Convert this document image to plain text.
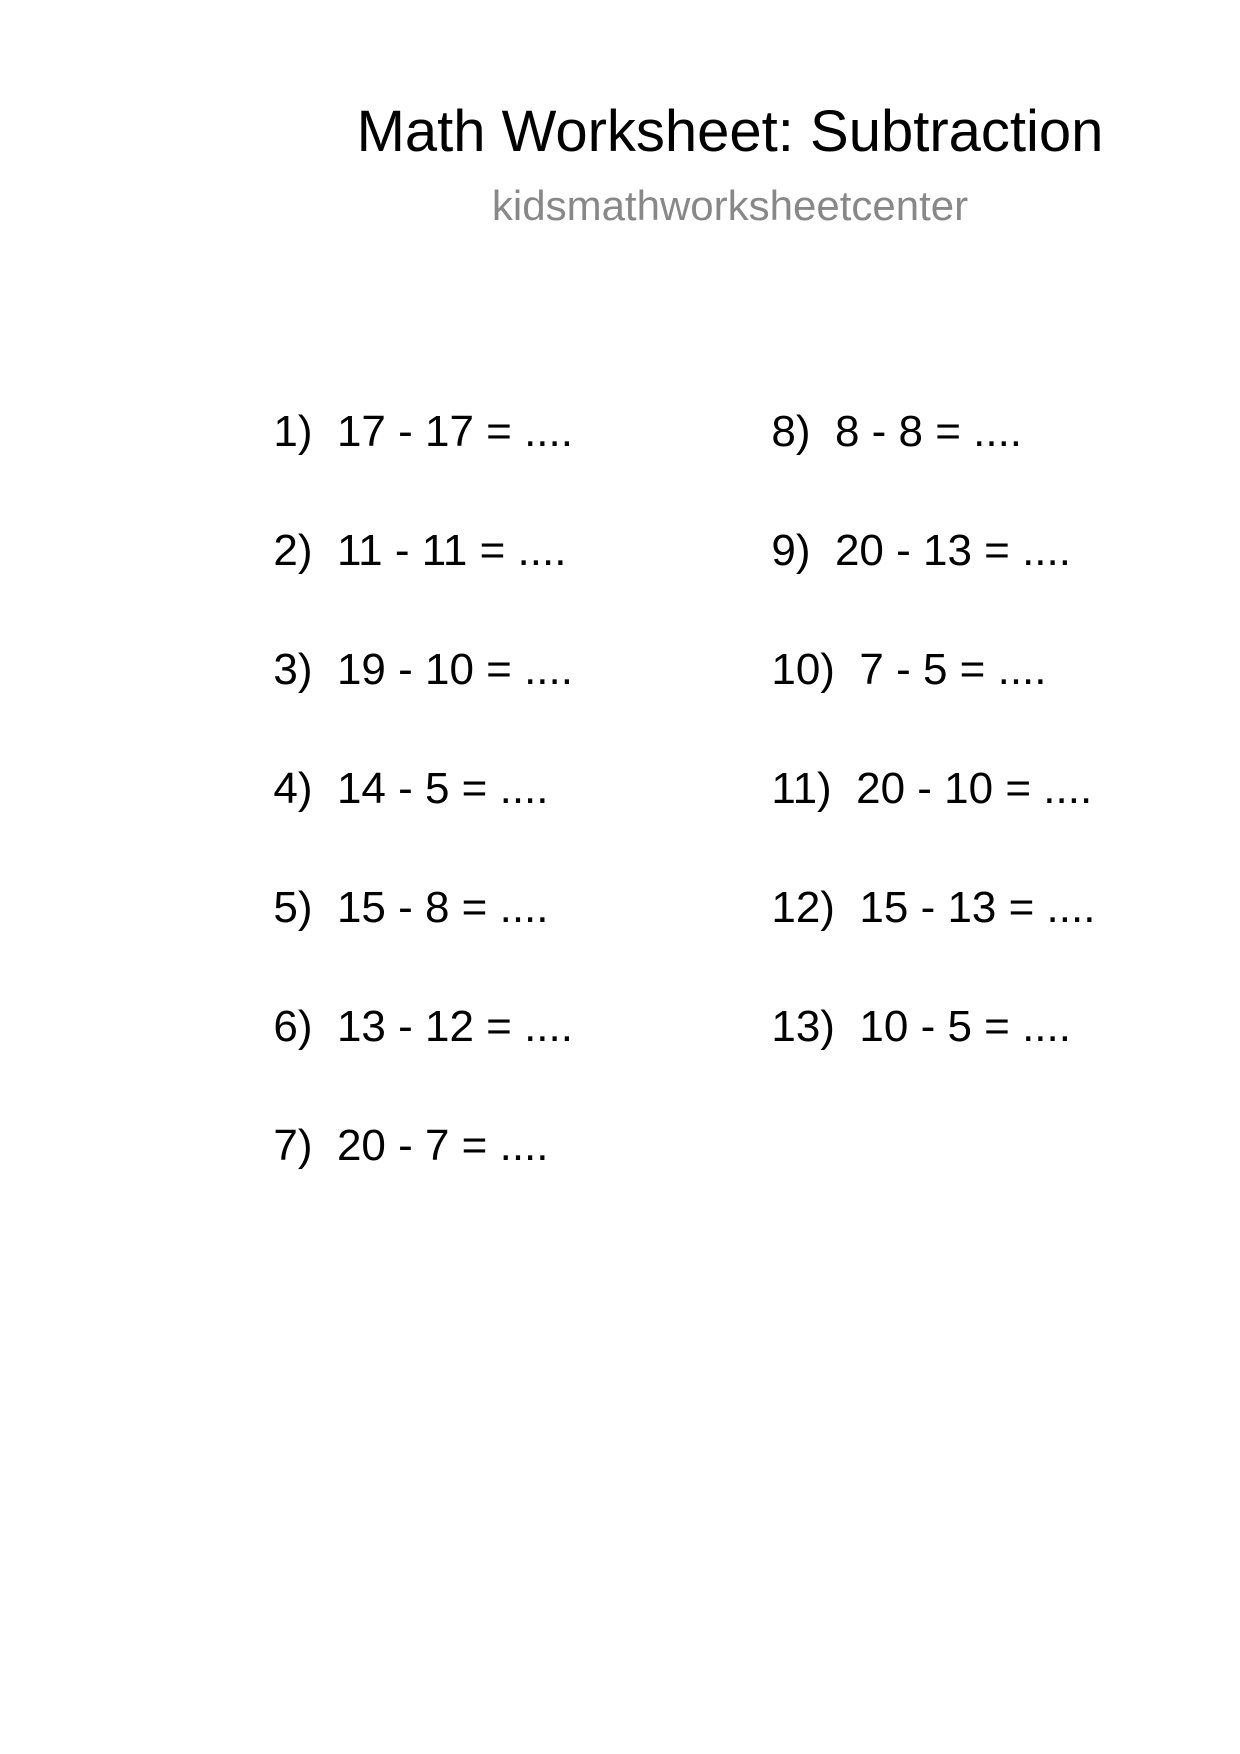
Math Worksheet: Subtraction
kidsmathworksheetcenter

1) 17 - 17 = ....

2) 11 - 11 = ....

3) 19 - 10 = ....

4) 14 - 5 = ....

5) 15 - 8 = ....

6) 13 - 12 = ....

7) 20 - 7 = ....

8) 8 - 8 = ....

9) 20 - 13 = ....

10) 7 - 5 = ....

11) 20 - 10 = ....

12) 15 - 13 = ....

13) 10 - 5 = ....
